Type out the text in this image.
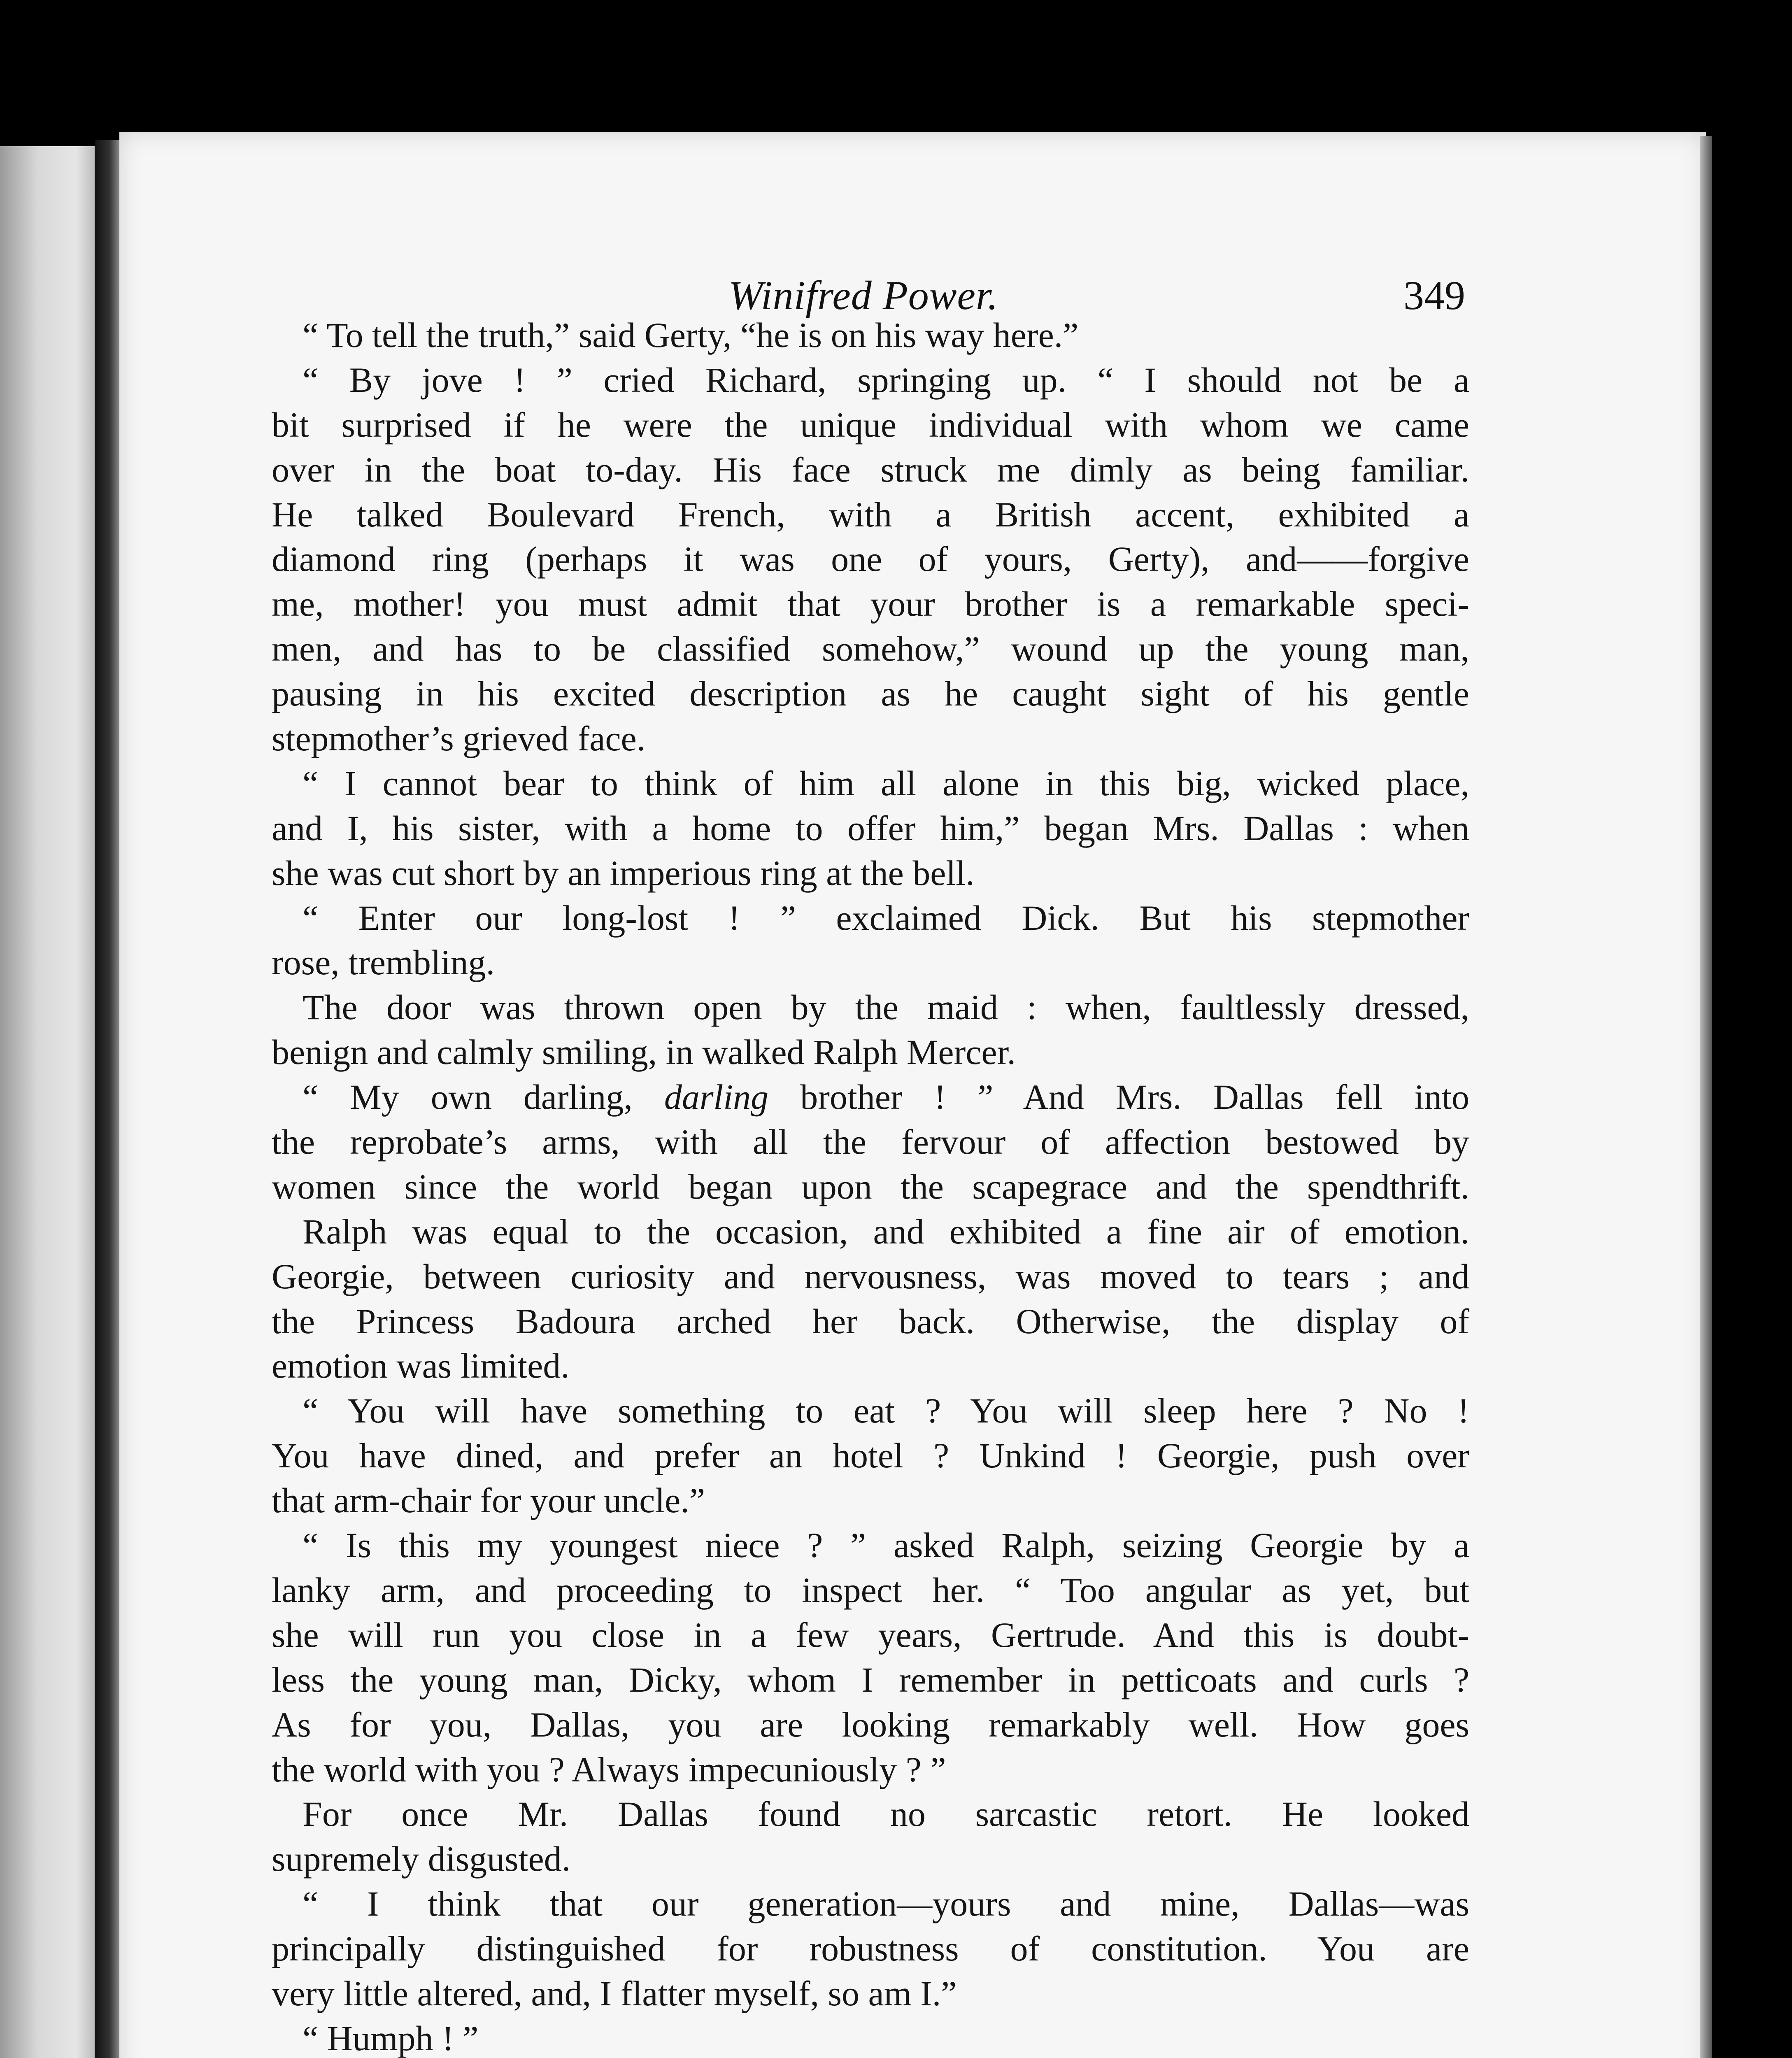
Winifred Power.	349
“ To tell the truth,” said Gerty, “he is on his way here.”
“ By jove ! ” cried Richard, springing up. “ I should not be a
bit surprised if he were the unique individual with whom we came
over in the boat to-day. His face struck me dimly as being familiar.
He talked Boulevard French, with a British accent, exhibited a
diamond ring (perhaps it was one of yours, Gerty), and——forgive
me, mother! you must admit that your brother is a remarkable speci-
men, and has to be classified somehow,” wound up the young man,
pausing in his excited description as he caught sight of his gentle
stepmother’s grieved face.
“ I cannot bear to think of him all alone in this big, wicked place,
and I, his sister, with a home to offer him,” began Mrs. Dallas : when
she was cut short by an imperious ring at the bell.
“ Enter our long-lost ! ” exclaimed Dick. But his stepmother
rose, trembling.
The door was thrown open by the maid : when, faultlessly dressed,
benign and calmly smiling, in walked Ralph Mercer.
“ My own darling, darling brother ! ” And Mrs. Dallas fell into
the reprobate’s arms, with all the fervour of affection bestowed by
women since the world began upon the scapegrace and the spendthrift.
Ralph was equal to the occasion, and exhibited a fine air of emotion.
Georgie, between curiosity and nervousness, was moved to tears ; and
the Princess Badoura arched her back. Otherwise, the display of
emotion was limited.
“ You will have something to eat ? You will sleep here ? No !
You have dined, and prefer an hotel ? Unkind ! Georgie, push over
that arm-chair for your uncle.”
“ Is this my youngest niece ? ” asked Ralph, seizing Georgie by a
lanky arm, and proceeding to inspect her. “ Too angular as yet, but
she will run you close in a few years, Gertrude. And this is doubt-
less the young man, Dicky, whom I remember in petticoats and curls ?
As for you, Dallas, you are looking remarkably well. How goes
the world with you ? Always impecuniously ? ”
For once Mr. Dallas found no sarcastic retort. He looked
supremely disgusted.
“ I think that our generation—yours and mine, Dallas—was
principally distinguished for robustness of constitution. You are
very little altered, and, I flatter myself, so am I.”
“ Humph ! ”
